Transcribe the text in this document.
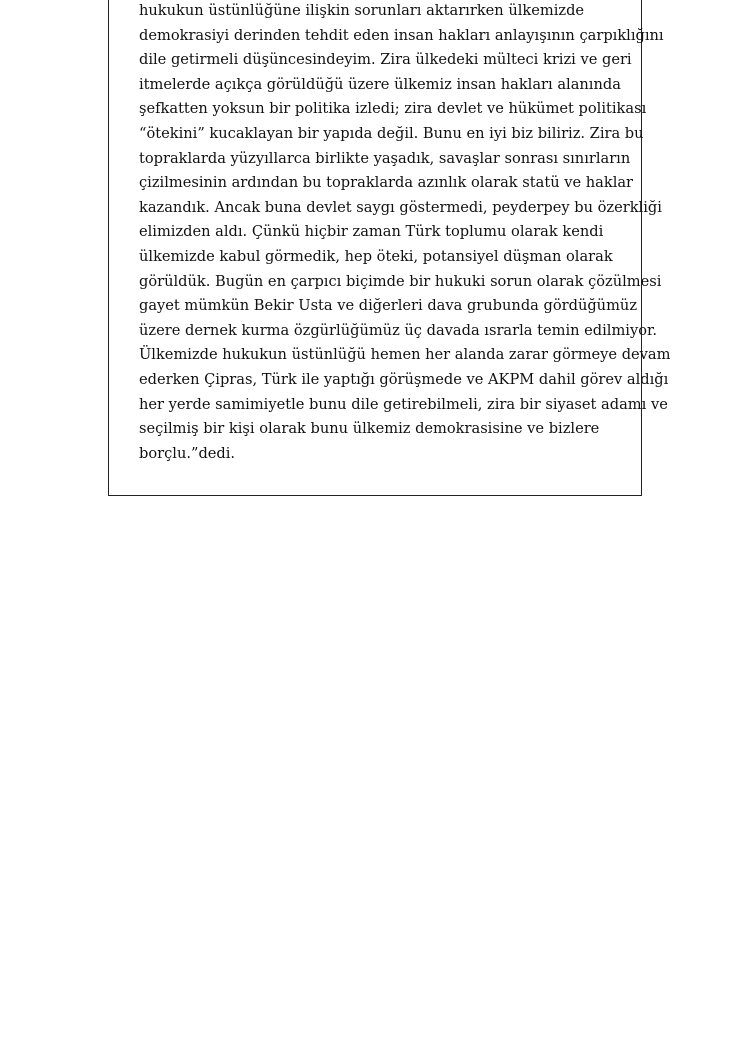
hukukun üstünlüğüne ilişkin sorunları aktarırken ülkemizde
demokrasiyi derinden tehdit eden insan hakları anlayışının çarpıklığını
dile getirmeli düşüncesindeyim. Zira ülkedeki mülteci krizi ve geri
itmelerde açıkça görüldüğü üzere ülkemiz insan hakları alanında
şefkatten yoksun bir politika izledi; zira devlet ve hükümet politikası
“ötekini” kucaklayan bir yapıda değil. Bunu en iyi biz biliriz. Zira bu
topraklarda yüzyıllarca birlikte yaşadık, savaşlar sonrası sınırların
çizilmesinin ardından bu topraklarda azınlık olarak statü ve haklar
kazandık. Ancak buna devlet saygı göstermedi, peyderpey bu özerkliği
elimizden aldı. Çünkü hiçbir zaman Türk toplumu olarak kendi
ülkemizde kabul görmedik, hep öteki, potansiyel düşman olarak
görüldük. Bugün en çarpıcı biçimde bir hukuki sorun olarak çözülmesi
gayet mümkün Bekir Usta ve diğerleri dava grubunda gördüğümüz
üzere dernek kurma özgürlüğümüz üç davada ısrarla temin edilmiyor.
Ülkemizde hukukun üstünlüğü hemen her alanda zarar görmeye devam
ederken Çipras, Türk ile yaptığı görüşmede ve AKPM dahil görev aldığı
her yerde samimiyetle bunu dile getirebilmeli, zira bir siyaset adamı ve
seçilmiş bir kişi olarak bunu ülkemiz demokrasisine ve bizlere
borçlu.”dedi.
